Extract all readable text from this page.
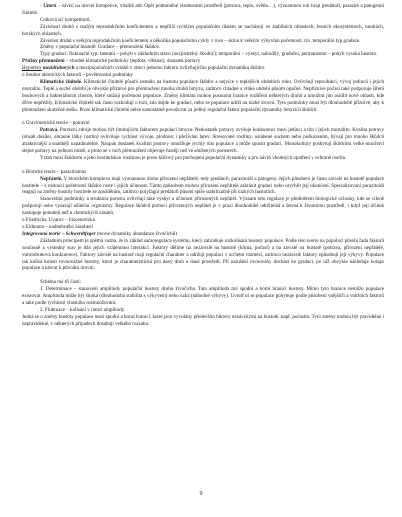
- Umrtí – závisí na úrovni kompetice, vitalitě atd. Opět podmíněné vlastnostmi prostředí (potrava, teplo, světlo…), významnou roli hrají predátoři, parazité a patogenní činitelé.

Celková síť kompetitorů.

Závislosti druhů s malým reprodukčním koeficientem a nepříliš rychlým populačním růstem se nacházejí ve stabilních oblastech, lesních ekosystémech, tundrách, horských oblastech.

Závislost druhů s velkým reprodukčním koeficientem a několika populačními cykly v roce – sklon k velkým výkyvům početnosti, tzv. temporální typ gradace.

Změny v populační hustotě: Gradace – přemnožení škůdce.

Typy gradací: fluktuační typ; latentní – pohyb v základním stavu (nezjistitelný škodný); temporální – výskyt, nahodilý, gradační, permanentní – pohyb vysoká hustota.

Příčiny přemnožení – vhodné klimatické podmínky (teplota, vlhkost), dostatek potravy

Hypotézy mezidruhových a mezipopulačních vztahů v rámci jednoho faktoru ovlivňujícího populační dynamiku škůdce

o Soubor abiotických faktorů – povětrnostní podmínky

Klimatické činitelé. Klimatické činitelé působí nemálo na hustotu populace škůdce a nejvíce v teplejších obdobích roku. Ovlivňují reprodukci, vývoj jedinců i jejich mortalitu. Teplé a suché období je obvykle příznivé pro přemnožení mnoha druhů hmyzu, zatímco chladné a vlhké období působí opačně. Nepříznivé počasí také podporuje šíření houbových a bakteriálních chorob, které snižují početnost populace. Změny klimatu mohou posunout hranice rozšíření některých druhů a umožnit jim osídlit nové oblasti, kde dříve nepřežily. Klimatické činitelé tak často rozhodují o tom, zda dojde ke gradaci, nebo se populace udrží na nízké úrovni. Tyto podmínky musí být dlouhodobě příznivé, aby k přemnožení skutečně došlo. Proto klimatické činitelé nelze samostatně považovat za jediný regulační faktor populační dynamiky hmyzích škůdců.

o Gravimetrické teorie – potravní

Potrava. Potravní zdroje mohou být limitujícím faktorem populací hmyzu. Nedostatek potravy zvyšuje konkurenci mezi jedinci a tím i jejich mortalitu. Kvalita potravy (obsah dusíku, obranné látky rostlin) ovlivňuje rychlost vývoje, plodnost i přežívání larev. Stresované rostliny, oslabené suchem nebo poškozením, bývají pro mnoho škůdců atraktivnější a snadněji napadnutelné. Naopak dostatek kvalitní potravy umožňuje rychlý růst populace a může spustit gradaci. Monokultury poskytují škůdcům velké množství stejné potravy na jednom místě, a proto se v nich přemnožení objevuje častěji než ve smíšených porostech.

Vztah mezi škůdcem a jeho hostitelskou rostlinou je proto klíčový pro pochopení populační dynamiky a pro návrh vhodných opatření v ochraně rostlin.

o Biotické teorie – parazitismus

Nepřátelé. V biotickém komplexu mají významnou úlohu přirození nepřátelé, tedy predátoři, parazitoidi a patogeny. Jejich působení je často závislé na hustotě populace hostitele – s rostoucí početností škůdce roste i jejich účinnost. Tímto způsobem mohou přirození nepřátelé zabránit gradaci nebo urychlit její ukončení. Specializovaní parazitoidi reagují na změny hustoty hostitele se zpožděním, zatímco polyfágní predátoři působí spíše stabilizačně při nízkých hustotách.

Stanovištní podmínky a struktura porostu ovlivňují také výskyt a účinnost přirozených nepřátel. Význam této regulace je předmětem biologické ochrany, kde se cíleně podporují nebo vysazují užiteční organismy. Regulace škůdců pomocí přirozených nepřátel je v praxi dlouhodobě udržitelná a šetrná k životnímu prostředí, i když její účinek nastupuje pomaleji než u chemických zásahů.

o Friedrichs, Uvarov – biocenotická

o Eidmann – nadměrného zásobení

Integrovaná teorie – Schwerdtfeger (teorie dynamiky abundance živočichů)

Základním principem je zpětná vazba. Je to základ samoregulace systému, který zabraňuje rozkolísání hustoty populace. Podle této teorie na populaci působí řada faktorů současně a výsledný stav je dán jejich vzájemnou interakcí. Faktory dělíme na nezávislé na hustotě (klima, počasí) a na závislé na hustotě (potrava, přirození nepřátelé, vnitrodruhová konkurence). Faktory závislé na hustotě mají regulační charakter a udržují populaci v určitém rozmezí, zatímco nezávislé faktory způsobují její výkyvy. Populace tak kolísá kolem rovnovážné hustoty, která je charakteristická pro daný druh a dané prostředí. Při narušení rovnováhy dochází ke gradaci, po níž obvykle následuje kolaps populace a návrat k původní úrovni.

Schéma má tři části:

1. Determinace – stanovení amplitudy populační hustoty druhu živočicha. Tato amplituda má spodní a horní hranici hustoty. Mimo tyto hranice nemůže populace existovat. Amplituda může být široká (dlouhodobá stabilita s výkyvem) nebo úzká (náhodné výkyvy). Uvnitř ní se populace pohybuje podle působení vnějších a vnitřních faktorů a také podle rychlosti vlastního rozmnožování.

2. Fluktuace – kolísání v rámci amplitudy.

Jedná se o změny hustoty populace mezi spodní a horní hranicí, které jsou vyvolány především faktory nezávislými na hustotě, např. počasím. Tyto změny mohou být pravidelné i nepravidelné, v některých případech dosahují velkého rozsahu.

9
